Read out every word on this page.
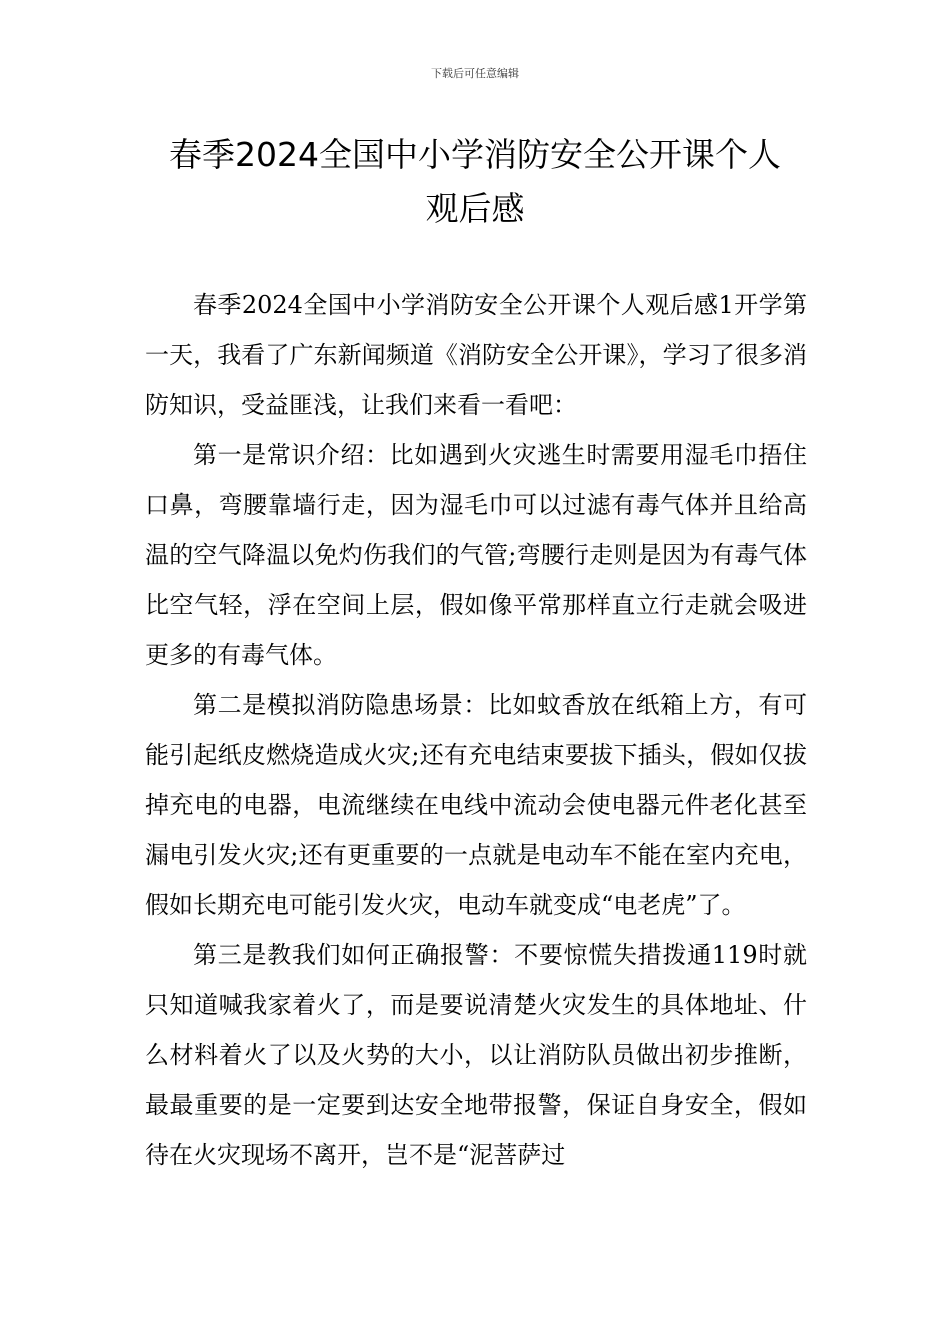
下载后可任意编辑
春季2024全国中小学消防安全公开课个人
观后感

春季2024全国中小学消防安全公开课个人观后感1开学第一天，我看了广东新闻频道《消防安全公开课》，学习了很多消防知识，受益匪浅，让我们来看一看吧：

第一是常识介绍：比如遇到火灾逃生时需要用湿毛巾捂住口鼻，弯腰靠墙行走，因为湿毛巾可以过滤有毒气体并且给高温的空气降温以免灼伤我们的气管;弯腰行走则是因为有毒气体比空气轻，浮在空间上层，假如像平常那样直立行走就会吸进更多的有毒气体。

第二是模拟消防隐患场景：比如蚊香放在纸箱上方，有可能引起纸皮燃烧造成火灾;还有充电结束要拔下插头，假如仅拔掉充电的电器，电流继续在电线中流动会使电器元件老化甚至漏电引发火灾;还有更重要的一点就是电动车不能在室内充电，假如长期充电可能引发火灾，电动车就变成“电老虎”了。

第三是教我们如何正确报警：不要惊慌失措拨通119时就只知道喊我家着火了，而是要说清楚火灾发生的具体地址、什么材料着火了以及火势的大小，以让消防队员做出初步推断，最最重要的是一定要到达安全地带报警，保证自身安全，假如待在火灾现场不离开，岂不是“泥菩萨过
